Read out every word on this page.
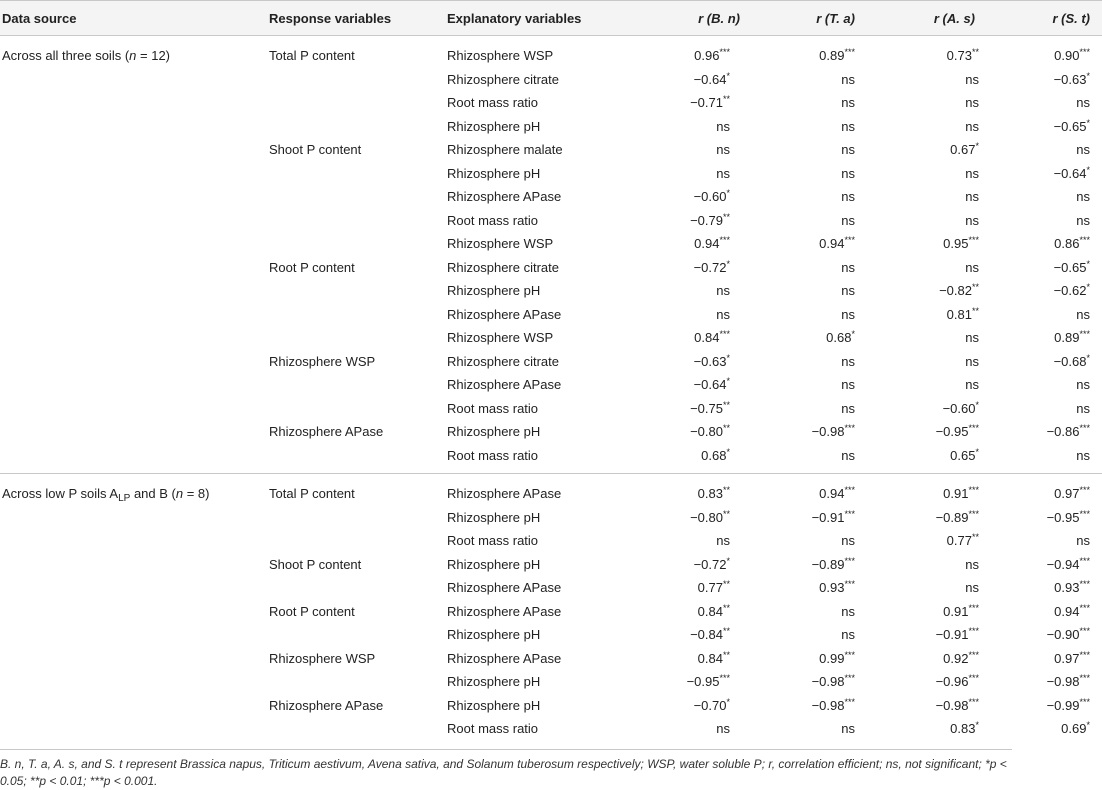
Data source	Response variables	Explanatory variables	r (B. n)	r (T. a)	r (A. s)	r (S. t)

Across all three soils (n = 12)	Total P content	Rhizosphere WSP	0.96***	0.89***	0.73**	0.90***
		Rhizosphere citrate	−0.64*	ns	ns	−0.63*
		Root mass ratio	−0.71**	ns	ns	ns
		Rhizosphere pH	ns	ns	ns	−0.65*
	Shoot P content	Rhizosphere malate	ns	ns	0.67*	ns
		Rhizosphere pH	ns	ns	ns	−0.64*
		Rhizosphere APase	−0.60*	ns	ns	ns
		Root mass ratio	−0.79**	ns	ns	ns
		Rhizosphere WSP	0.94***	0.94***	0.95***	0.86***
	Root P content	Rhizosphere citrate	−0.72*	ns	ns	−0.65*
		Rhizosphere pH	ns	ns	−0.82**	−0.62*
		Rhizosphere APase	ns	ns	0.81**	ns
		Rhizosphere WSP	0.84***	0.68*	ns	0.89***
	Rhizosphere WSP	Rhizosphere citrate	−0.63*	ns	ns	−0.68*
		Rhizosphere APase	−0.64*	ns	ns	ns
		Root mass ratio	−0.75**	ns	−0.60*	ns
	Rhizosphere APase	Rhizosphere pH	−0.80**	−0.98***	−0.95***	−0.86***
		Root mass ratio	0.68*	ns	0.65*	ns

Across low P soils $A_{LP}$ and B (n = 8)	Total P content	Rhizosphere APase	0.83**	0.94***	0.91***	0.97***
		Rhizosphere pH	−0.80**	−0.91***	−0.89***	−0.95***
		Root mass ratio	ns	ns	0.77**	ns
	Shoot P content	Rhizosphere pH	−0.72*	−0.89***	ns	−0.94***
		Rhizosphere APase	0.77**	0.93***	ns	0.93***
	Root P content	Rhizosphere APase	0.84**	ns	0.91***	0.94***
		Rhizosphere pH	−0.84**	ns	−0.91***	−0.90***
	Rhizosphere WSP	Rhizosphere APase	0.84**	0.99***	0.92***	0.97***
		Rhizosphere pH	−0.95***	−0.98***	−0.96***	−0.98***
	Rhizosphere APase	Rhizosphere pH	−0.70*	−0.98***	−0.98***	−0.99***
		Root mass ratio	ns	ns	0.83*	0.69*

B. n, T. a, A. s, and S. t represent Brassica napus, Triticum aestivum, Avena sativa, and Solanum tuberosum respectively; WSP, water soluble P; r, correlation efficient; ns, not significant; *p < 0.05; **p < 0.01; ***p < 0.001.
